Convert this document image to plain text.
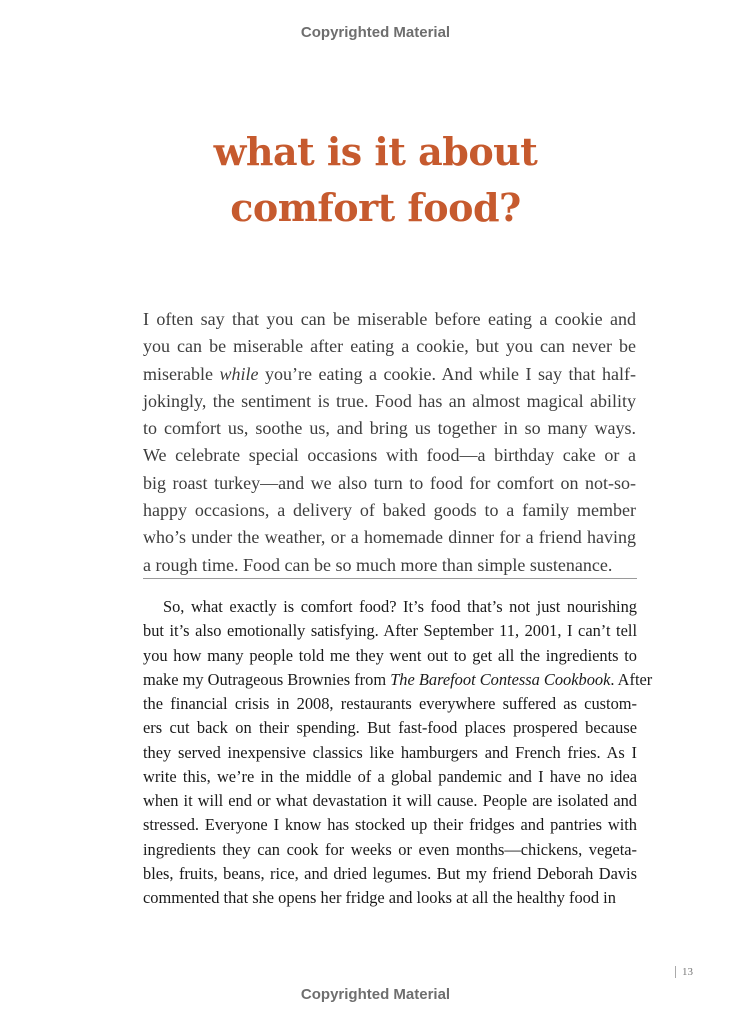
Copyrighted Material
what is it about
comfort food?
I often say that you can be miserable before eating a cookie and
you can be miserable after eating a cookie, but you can never be
miserable while you’re eating a cookie. And while I say that half-
jokingly, the sentiment is true. Food has an almost magical ability
to comfort us, soothe us, and bring us together in so many ways.
We celebrate special occasions with food—a birthday cake or a
big roast turkey—and we also turn to food for comfort on not-so-
happy occasions, a delivery of baked goods to a family member
who’s under the weather, or a homemade dinner for a friend having
a rough time. Food can be so much more than simple sustenance.
So, what exactly is comfort food? It’s food that’s not just nourishing
but it’s also emotionally satisfying. After September 11, 2001, I can’t tell
you how many people told me they went out to get all the ingredients to
make my Outrageous Brownies from The Barefoot Contessa Cookbook. After
the financial crisis in 2008, restaurants everywhere suffered as custom-
ers cut back on their spending. But fast-food places prospered because
they served inexpensive classics like hamburgers and French fries. As I
write this, we’re in the middle of a global pandemic and I have no idea
when it will end or what devastation it will cause. People are isolated and
stressed. Everyone I know has stocked up their fridges and pantries with
ingredients they can cook for weeks or even months—chickens, vegeta-
bles, fruits, beans, rice, and dried legumes. But my friend Deborah Davis
commented that she opens her fridge and looks at all the healthy food in
13
Copyrighted Material
